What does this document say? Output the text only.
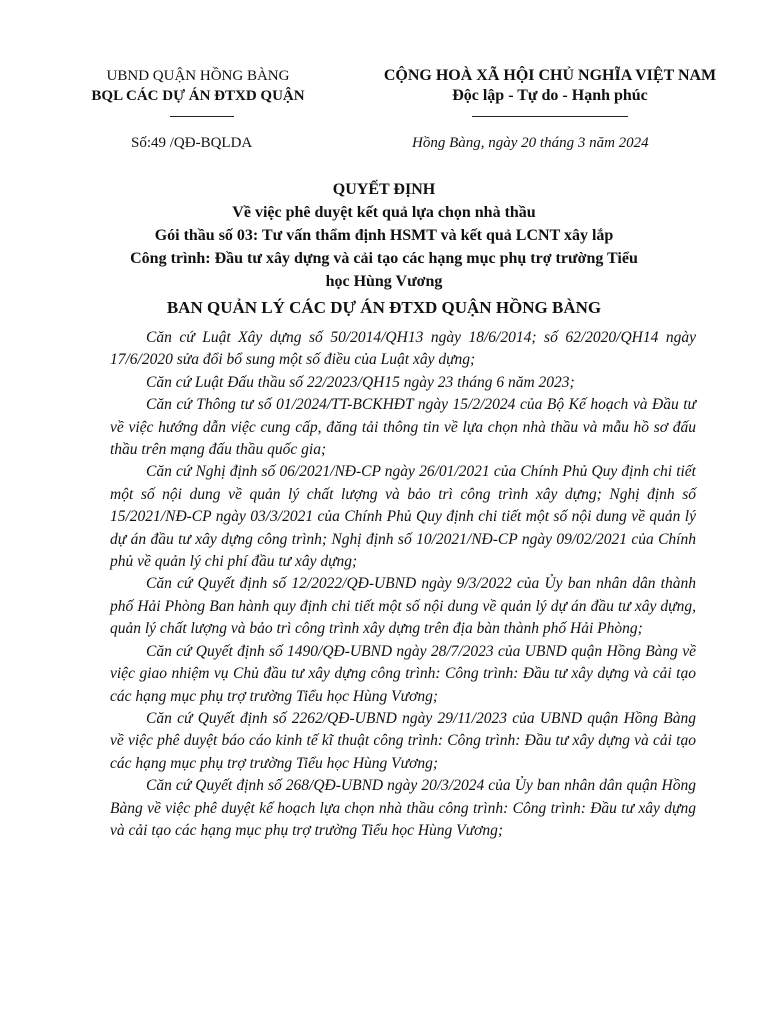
UBND QUẬN HỒNG BÀNG
BQL CÁC DỰ ÁN ĐTXD QUẬN
CỘNG HOÀ XÃ HỘI CHỦ NGHĨA VIỆT NAM
Độc lập - Tự do - Hạnh phúc
Số:49 /QĐ-BQLDA	Hồng Bàng, ngày 20 tháng 3 năm 2024
QUYẾT ĐỊNH
Về việc phê duyệt kết quả lựa chọn nhà thầu
Gói thầu số 03: Tư vấn thẩm định HSMT và kết quả LCNT xây lắp
Công trình: Đầu tư xây dựng và cải tạo các hạng mục phụ trợ trường Tiểu
học Hùng Vương
BAN QUẢN LÝ CÁC DỰ ÁN ĐTXD QUẬN HỒNG BÀNG

Căn cứ Luật Xây dựng số 50/2014/QH13 ngày 18/6/2014; số 62/2020/QH14 ngày 17/6/2020 sửa đổi bổ sung một số điều của Luật xây dựng;

Căn cứ Luật Đấu thầu số 22/2023/QH15 ngày 23 tháng 6 năm 2023;

Căn cứ Thông tư số 01/2024/TT-BCKHĐT ngày 15/2/2024 của Bộ Kế hoạch và Đầu tư về việc hướng dẫn việc cung cấp, đăng tải thông tin về lựa chọn nhà thầu và mẫu hồ sơ đấu thầu trên mạng đấu thầu quốc gia;

Căn cứ Nghị định số 06/2021/NĐ-CP ngày 26/01/2021 của Chính Phủ Quy định chi tiết một số nội dung về quản lý chất lượng và bảo trì công trình xây dựng; Nghị định số 15/2021/NĐ-CP ngày 03/3/2021 của Chính Phủ Quy định chi tiết một số nội dung về quản lý dự án đầu tư xây dựng công trình; Nghị định số 10/2021/NĐ-CP ngày 09/02/2021 của Chính phủ về quản lý chi phí đầu tư xây dựng;

Căn cứ Quyết định số 12/2022/QĐ-UBND ngày 9/3/2022 của Ủy ban nhân dân thành phố Hải Phòng Ban hành quy định chi tiết một số nội dung về quản lý dự án đầu tư xây dựng, quản lý chất lượng và bảo trì công trình xây dựng trên địa bàn thành phố Hải Phòng;

Căn cứ Quyết định số 1490/QĐ-UBND ngày 28/7/2023 của UBND quận Hồng Bàng về việc giao nhiệm vụ Chủ đầu tư xây dựng công trình: Công trình: Đầu tư xây dựng và cải tạo các hạng mục phụ trợ trường Tiểu học Hùng Vương;

Căn cứ Quyết định số 2262/QĐ-UBND ngày 29/11/2023 của UBND quận Hồng Bàng về việc phê duyệt báo cáo kinh tế kĩ thuật công trình: Công trình: Đầu tư xây dựng và cải tạo các hạng mục phụ trợ trường Tiểu học Hùng Vương;

Căn cứ Quyết định số 268/QĐ-UBND ngày 20/3/2024 của Ủy ban nhân dân quận Hồng Bàng về việc phê duyệt kế hoạch lựa chọn nhà thầu công trình: Công trình: Đầu tư xây dựng và cải tạo các hạng mục phụ trợ trường Tiểu học Hùng Vương;
